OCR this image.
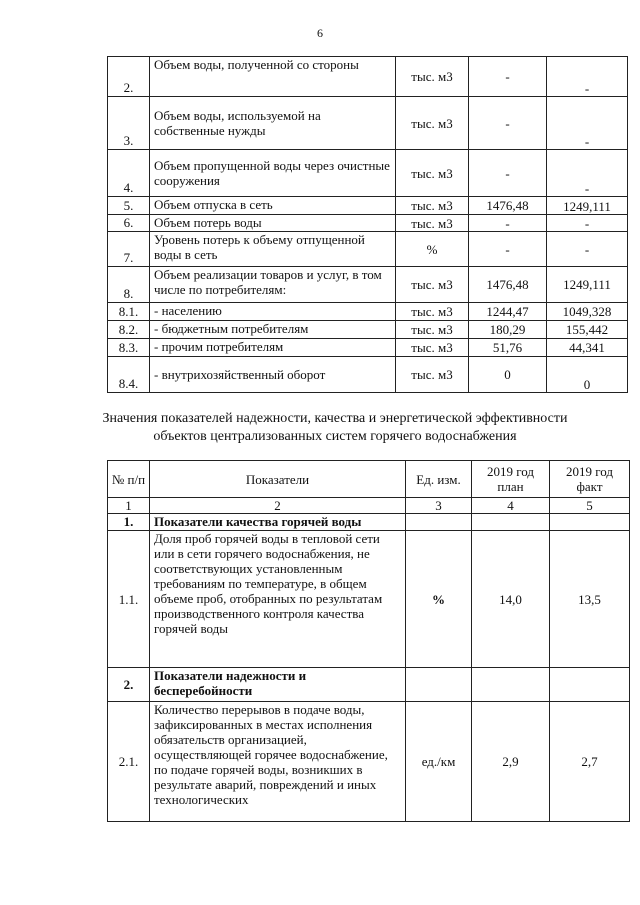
6
2.	Объем воды, полученной со стороны	тыс. м3	-	-
3.	Объем воды, используемой на собственные нужды	тыс. м3	-	-
4.	Объем пропущенной воды через очистные сооружения	тыс. м3	-	-
5.	Объем отпуска в сеть	тыс. м3	1476,48	1249,111
6.	Объем потерь воды	тыс. м3	-	-
7.	Уровень потерь к объему отпущенной воды в сеть	%	-	-
8.	Объем реализации товаров и услуг, в том числе по потребителям:	тыс. м3	1476,48	1249,111
8.1.	- населению	тыс. м3	1244,47	1049,328
8.2.	- бюджетным потребителям	тыс. м3	180,29	155,442
8.3.	- прочим потребителям	тыс. м3	51,76	44,341
8.4.	- внутрихозяйственный оборот	тыс. м3	0	0
Значения показателей надежности, качества и энергетической эффективности объектов централизованных систем горячего водоснабжения
№ п/п	Показатели	Ед. изм.	2019 год план	2019 год факт
1	2	3	4	5
1.	Показатели качества горячей воды			
1.1.	Доля проб горячей воды в тепловой сети или в сети горячего водоснабжения, не соответствующих установленным требованиям по температуре, в общем объеме проб, отобранных по результатам производственного контроля качества горячей воды	%	14,0	13,5
2.	Показатели надежности и бесперебойности			
2.1.	Количество перерывов в подаче воды, зафиксированных в местах исполнения обязательств организацией, осуществляющей горячее водоснабжение, по подаче горячей воды, возникших в результате аварий, повреждений и иных технологических	ед./км	2,9	2,7
